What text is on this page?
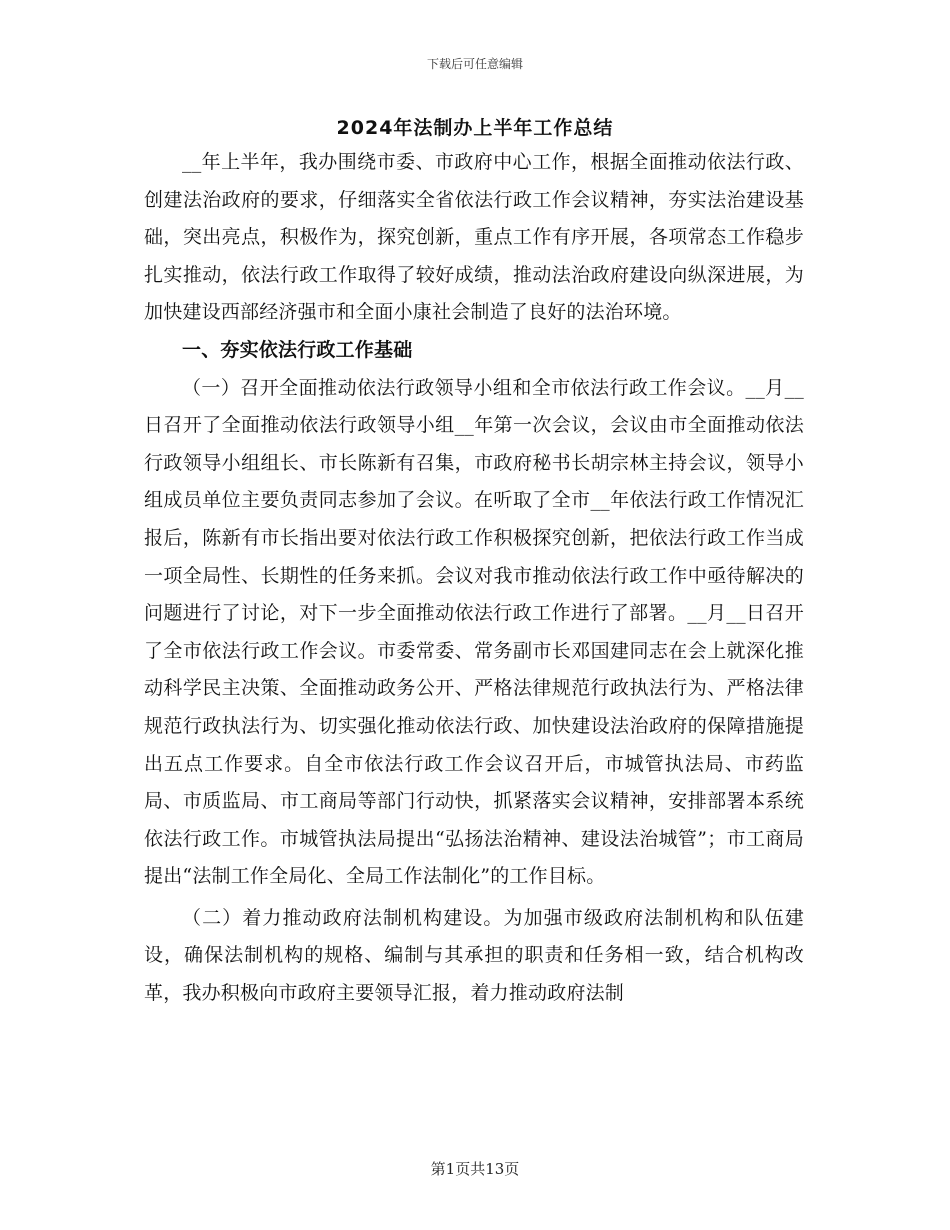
下载后可任意编辑
2024年法制办上半年工作总结

__年上半年，我办围绕市委、市政府中心工作，根据全面推动依法行政、创建法治政府的要求，仔细落实全省依法行政工作会议精神，夯实法治建设基础，突出亮点，积极作为，探究创新，重点工作有序开展，各项常态工作稳步扎实推动，依法行政工作取得了较好成绩，推动法治政府建设向纵深进展，为加快建设西部经济强市和全面小康社会制造了良好的法治环境。

一、夯实依法行政工作基础

（一）召开全面推动依法行政领导小组和全市依法行政工作会议。__月__日召开了全面推动依法行政领导小组__年第一次会议，会议由市全面推动依法行政领导小组组长、市长陈新有召集，市政府秘书长胡宗林主持会议，领导小组成员单位主要负责同志参加了会议。在听取了全市__年依法行政工作情况汇报后，陈新有市长指出要对依法行政工作积极探究创新，把依法行政工作当成一项全局性、长期性的任务来抓。会议对我市推动依法行政工作中亟待解决的问题进行了讨论，对下一步全面推动依法行政工作进行了部署。__月__日召开了全市依法行政工作会议。市委常委、常务副市长邓国建同志在会上就深化推动科学民主决策、全面推动政务公开、严格法律规范行政执法行为、严格法律规范行政执法行为、切实强化推动依法行政、加快建设法治政府的保障措施提出五点工作要求。自全市依法行政工作会议召开后，市城管执法局、市药监局、市质监局、市工商局等部门行动快，抓紧落实会议精神，安排部署本系统依法行政工作。市城管执法局提出“弘扬法治精神、建设法治城管”；市工商局提出“法制工作全局化、全局工作法制化”的工作目标。

（二）着力推动政府法制机构建设。为加强市级政府法制机构和队伍建设，确保法制机构的规格、编制与其承担的职责和任务相一致，结合机构改革，我办积极向市政府主要领导汇报，着力推动政府法制

第1页共13页
